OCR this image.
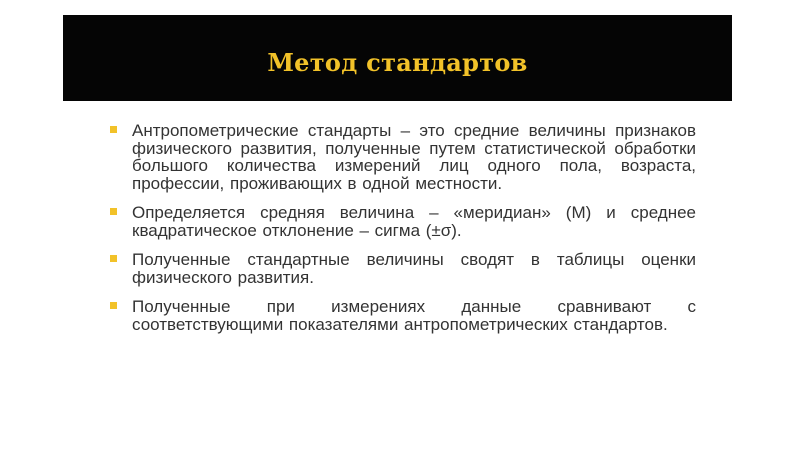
Метод стандартов
Антропометрические стандарты – это средние величины признаков физического развития, полученные путем статистической обработки большого количества измерений лиц одного пола, возраста, профессии, проживающих в одной местности.
Определяется средняя величина – «меридиан» (М) и среднее квадратическое отклонение – сигма (±σ).
Полученные стандартные величины сводят в таблицы оценки физического развития.
Полученные при измерениях данные сравнивают с соответствующими показателями антропометрических стандартов.
